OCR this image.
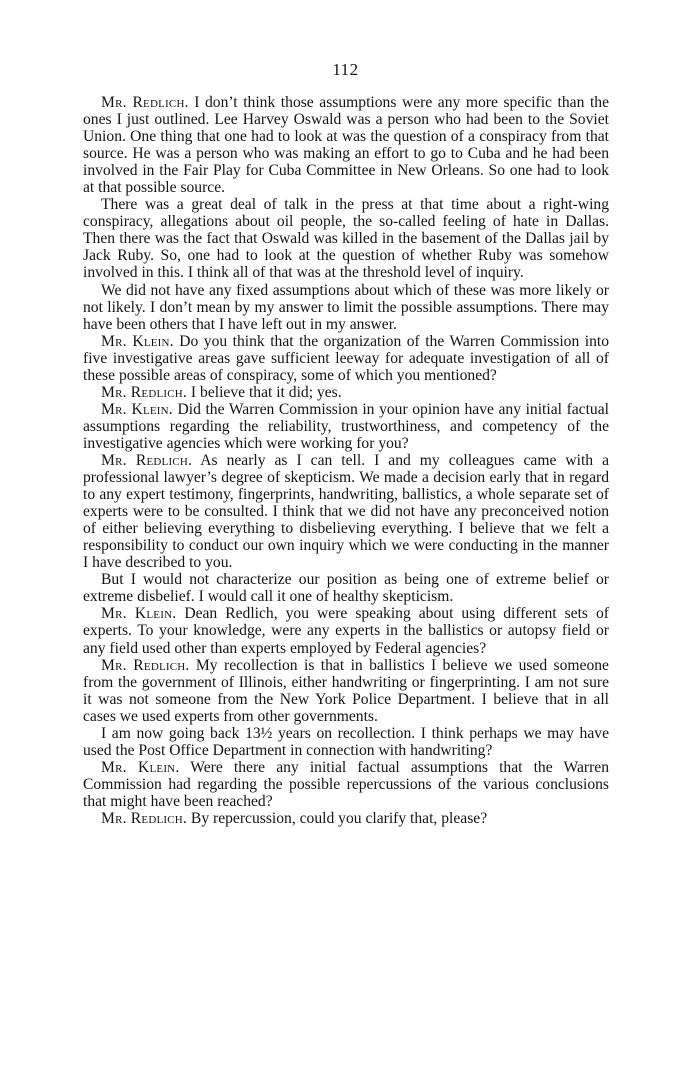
112

Mr. Redlich. I don’t think those assumptions were any more specific than the ones I just outlined. Lee Harvey Oswald was a person who had been to the Soviet Union. One thing that one had to look at was the question of a conspiracy from that source. He was a person who was making an effort to go to Cuba and he had been involved in the Fair Play for Cuba Committee in New Orleans. So one had to look at that possible source.

There was a great deal of talk in the press at that time about a right-wing conspiracy, allegations about oil people, the so-called feeling of hate in Dallas. Then there was the fact that Oswald was killed in the basement of the Dallas jail by Jack Ruby. So, one had to look at the question of whether Ruby was somehow involved in this. I think all of that was at the threshold level of inquiry.

We did not have any fixed assumptions about which of these was more likely or not likely. I don’t mean by my answer to limit the possible assumptions. There may have been others that I have left out in my answer.

Mr. Klein. Do you think that the organization of the Warren Commission into five investigative areas gave sufficient leeway for adequate investigation of all of these possible areas of conspiracy, some of which you mentioned?

Mr. Redlich. I believe that it did; yes.

Mr. Klein. Did the Warren Commission in your opinion have any initial factual assumptions regarding the reliability, trustworthiness, and competency of the investigative agencies which were working for you?

Mr. Redlich. As nearly as I can tell. I and my colleagues came with a professional lawyer’s degree of skepticism. We made a decision early that in regard to any expert testimony, fingerprints, handwriting, ballistics, a whole separate set of experts were to be consulted. I think that we did not have any preconceived notion of either believing everything to disbelieving everything. I believe that we felt a responsibility to conduct our own inquiry which we were conducting in the manner I have described to you.

But I would not characterize our position as being one of extreme belief or extreme disbelief. I would call it one of healthy skepticism.

Mr. Klein. Dean Redlich, you were speaking about using different sets of experts. To your knowledge, were any experts in the ballistics or autopsy field or any field used other than experts employed by Federal agencies?

Mr. Redlich. My recollection is that in ballistics I believe we used someone from the government of Illinois, either handwriting or fingerprinting. I am not sure it was not someone from the New York Police Department. I believe that in all cases we used experts from other governments.

I am now going back 13½ years on recollection. I think perhaps we may have used the Post Office Department in connection with handwriting?

Mr. Klein. Were there any initial factual assumptions that the Warren Commission had regarding the possible repercussions of the various conclusions that might have been reached?

Mr. Redlich. By repercussion, could you clarify that, please?
